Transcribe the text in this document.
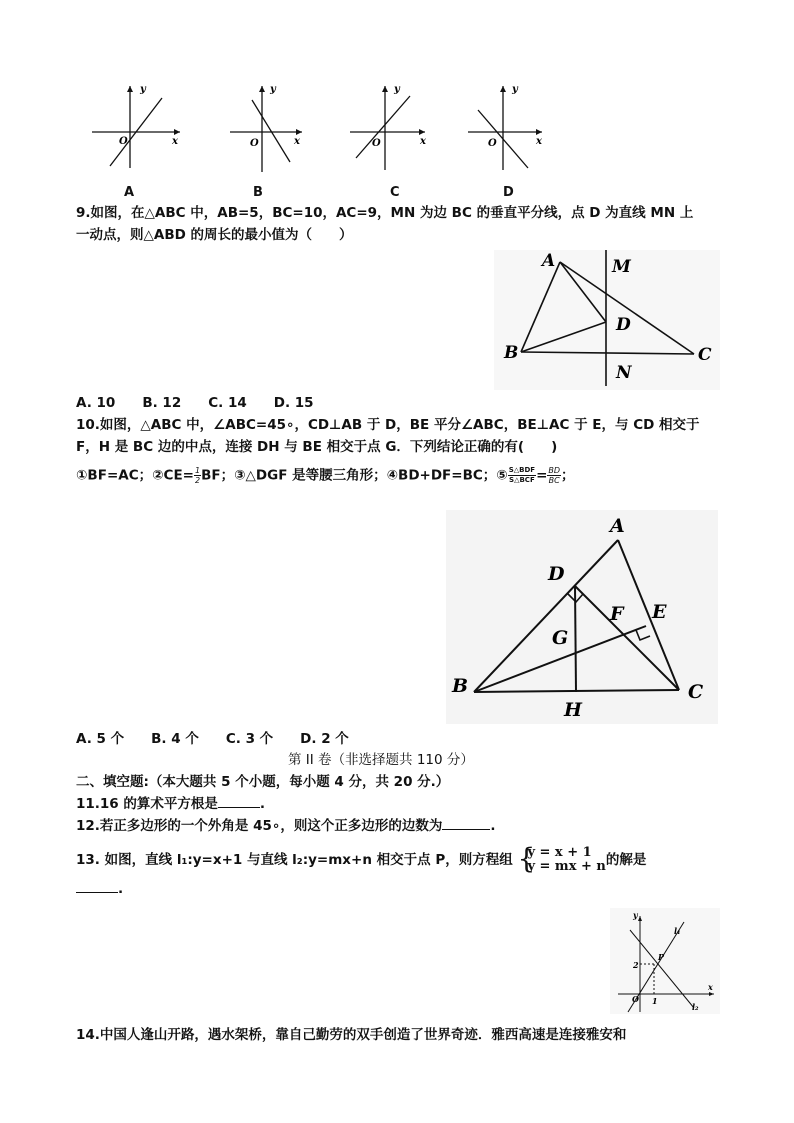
y
x
O
y
x
O
y
x
O
y
x
O
A	B	C	D
9.如图，在△ABC 中，AB=5，BC=10，AC=9，MN 为边 BC 的垂直平分线，点 D 为直线 MN 上
一动点，则△ABD 的周长的最小值为（　　）
A
B	C
D
M
N
A. 10　　B. 12　　C. 14　　D. 15
10.如图，△ABC 中，∠ABC=45∘，CD⊥AB 于 D，BE 平分∠ABC，BE⊥AC 于 E，与 CD 相交于
F，H 是 BC 边的中点，连接 DH 与 BE 相交于点 G．下列结论正确的有(　　)
①BF=AC；②CE= $\frac{1}{2}$ BF；③△DGF 是等腰三角形；④BD+DF=BC；⑤ $\frac{\text{S△BDF}}{\text{S△BCF}} = \frac{BD}{BC}$ ；
A
B	C
D
E
F
G
H
A. 5 个　　B. 4 个　　C. 3 个　　D. 2 个
第 II 卷（非选择题共 110 分）
二、填空题:（本大题共 5 个小题，每小题 4 分，共 20 分.）
11.16 的算术平方根是	.
12.若正多边形的一个外角是 45∘，则这个正多边形的边数为	.
13. 如图，直线 l₁:y=x+1 与直线 l₂:y=mx+n 相交于点 P，则方程组 {
y = x + 1
y = mx + n 的解是
.
y
x
O
P
l₁
l₂
2
1
14.中国人逢山开路，遇水架桥，靠自己勤劳的双手创造了世界奇迹．雅西高速是连接雅安和
